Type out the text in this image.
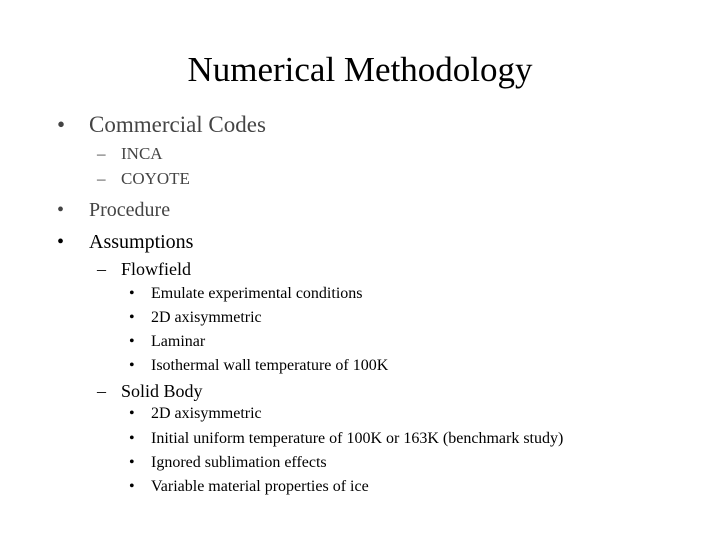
Numerical Methodology
• Commercial Codes
– INCA
– COYOTE
• Procedure
• Assumptions
– Flowfield
• Emulate experimental conditions
• 2D axisymmetric
• Laminar
• Isothermal wall temperature of 100K
– Solid Body
• 2D axisymmetric
• Initial uniform temperature of 100K or 163K (benchmark study)
• Ignored sublimation effects
• Variable material properties of ice
